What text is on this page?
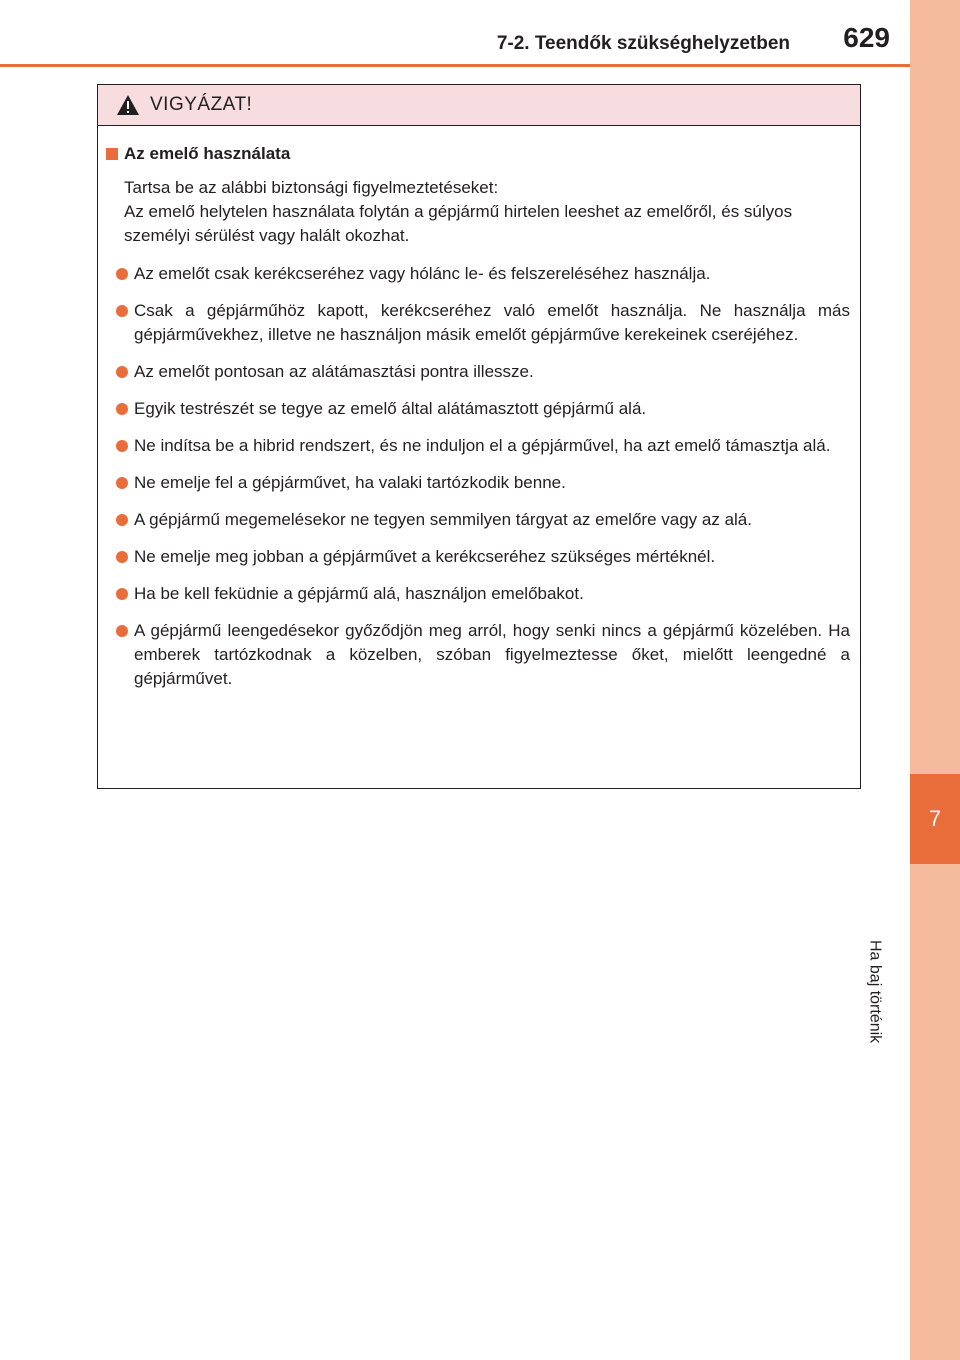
7-2. Teendők szükséghelyzetben 629
7
Ha baj történik
VIGYÁZAT!
Az emelő használata
Tartsa be az alábbi biztonsági figyelmeztetéseket:
Az emelő helytelen használata folytán a gépjármű hirtelen leeshet az emelőről, és súlyos személyi sérülést vagy halált okozhat.
Az emelőt csak kerékcseréhez vagy hólánc le- és felszereléséhez használja.
Csak a gépjárműhöz kapott, kerékcseréhez való emelőt használja. Ne használja más gépjárművekhez, illetve ne használjon másik emelőt gépjárműve kerekeinek cseréjéhez.
Az emelőt pontosan az alátámasztási pontra illessze.
Egyik testrészét se tegye az emelő által alátámasztott gépjármű alá.
Ne indítsa be a hibrid rendszert, és ne induljon el a gépjárművel, ha azt emelő támasztja alá.
Ne emelje fel a gépjárművet, ha valaki tartózkodik benne.
A gépjármű megemelésekor ne tegyen semmilyen tárgyat az emelőre vagy az alá.
Ne emelje meg jobban a gépjárművet a kerékcseréhez szükséges mértéknél.
Ha be kell feküdnie a gépjármű alá, használjon emelőbakot.
A gépjármű leengedésekor győződjön meg arról, hogy senki nincs a gépjármű közelében. Ha emberek tartózkodnak a közelben, szóban figyelmeztesse őket, mielőtt leengedné a gépjárművet.
